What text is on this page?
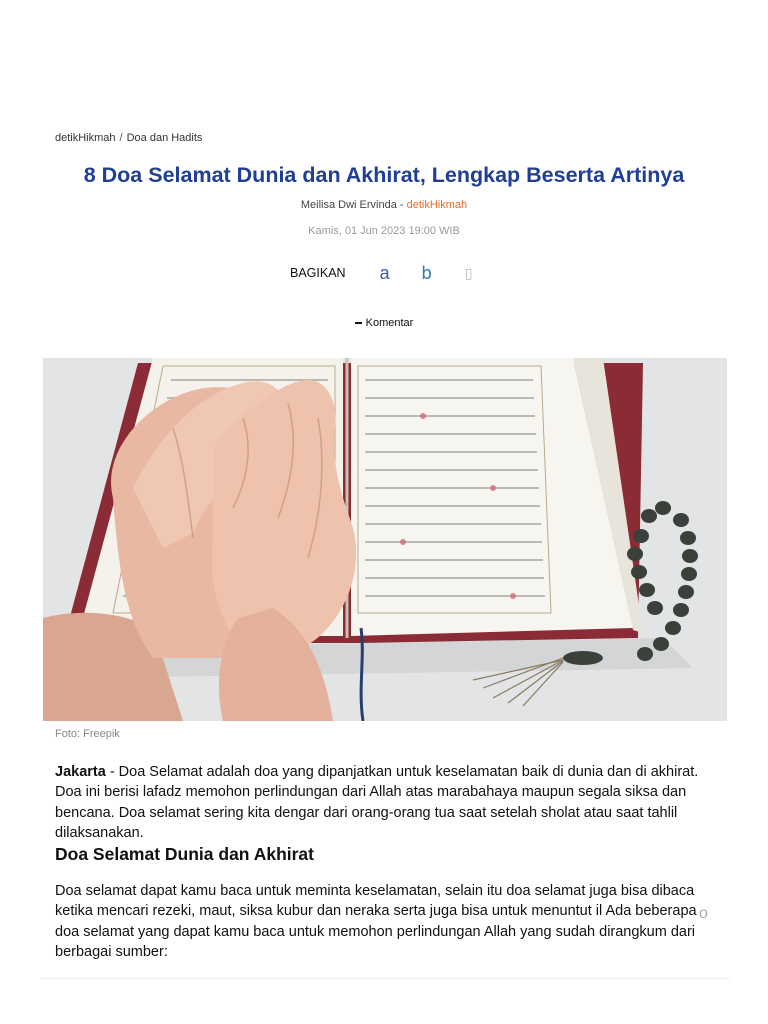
detikHikmah / Doa dan Hadits
8 Doa Selamat Dunia dan Akhirat, Lengkap Beserta Artinya
Meilisa Dwi Ervinda - detikHikmah
Kamis, 01 Jun 2023 19:00 WIB
BAGIKAN	a	b	▯
Komentar
Foto: Freepik

Jakarta - Doa Selamat adalah doa yang dipanjatkan untuk keselamatan baik di dunia dan di akhirat. Doa ini berisi lafadz memohon perlindungan dari Allah atas marabahaya maupun segala siksa dan bencana. Doa selamat sering kita dengar dari orang-orang tua saat setelah sholat atau saat tahlil dilaksanakan.

Doa Selamat Dunia dan Akhirat

Doa selamat dapat kamu baca untuk meminta keselamatan, selain itu doa selamat juga bisa dibaca ketika mencari rezeki, maut, siksa kubur dan neraka serta juga bisa untuk menuntut il Ada beberapa doa selamat yang dapat kamu baca untuk memohon perlindungan Allah yang sudah dirangkum dari berbagai sumber:

o
